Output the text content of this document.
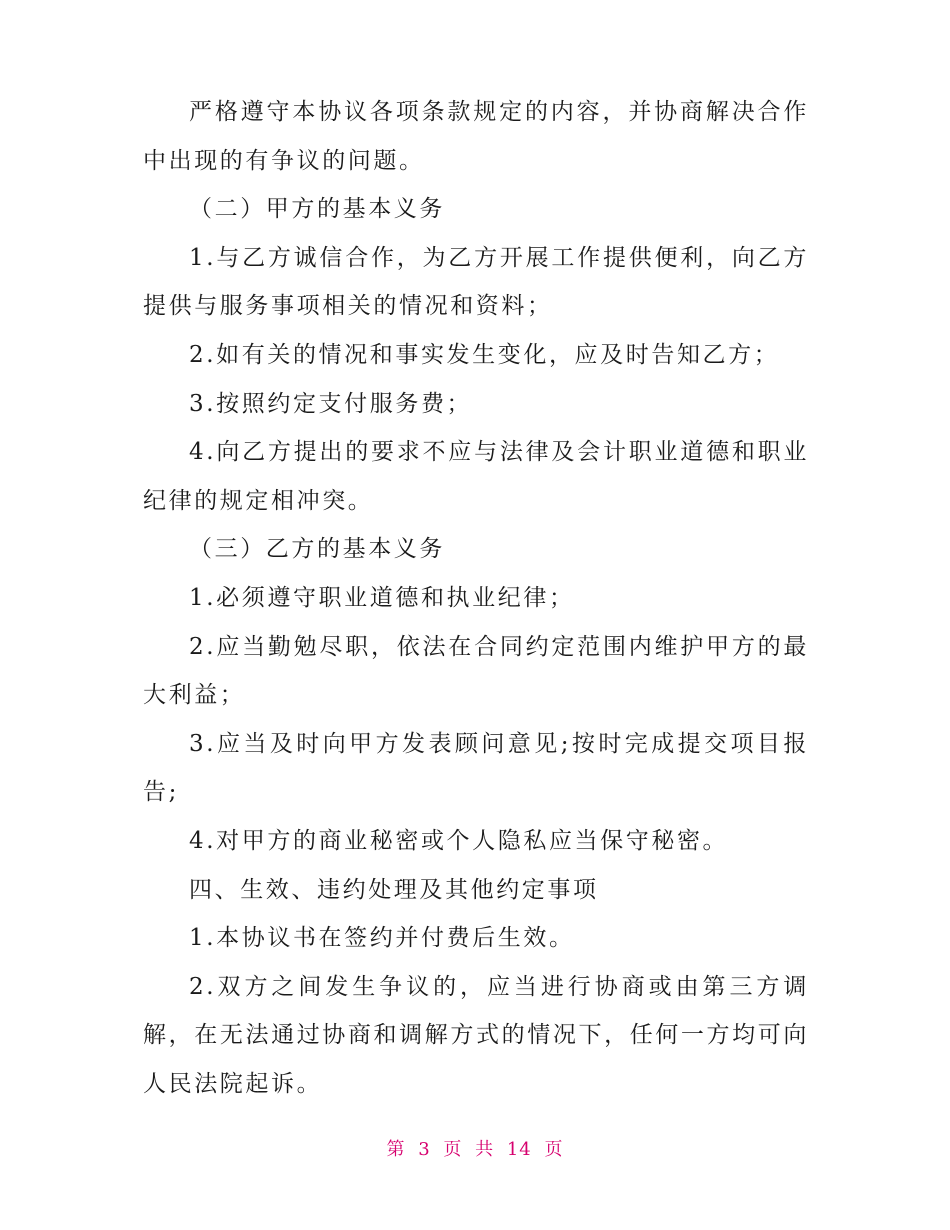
严格遵守本协议各项条款规定的内容，并协商解决合作中出现的有争议的问题。

（二）甲方的基本义务

1.与乙方诚信合作，为乙方开展工作提供便利，向乙方提供与服务事项相关的情况和资料；

2.如有关的情况和事实发生变化，应及时告知乙方；

3.按照约定支付服务费；

4.向乙方提出的要求不应与法律及会计职业道德和职业纪律的规定相冲突。

（三）乙方的基本义务

1.必须遵守职业道德和执业纪律；

2.应当勤勉尽职，依法在合同约定范围内维护甲方的最大利益；

3.应当及时向甲方发表顾问意见;按时完成提交项目报告;

4.对甲方的商业秘密或个人隐私应当保守秘密。

四、生效、违约处理及其他约定事项

1.本协议书在签约并付费后生效。

2.双方之间发生争议的，应当进行协商或由第三方调解，在无法通过协商和调解方式的情况下，任何一方均可向人民法院起诉。

第 3 页 共 14 页
